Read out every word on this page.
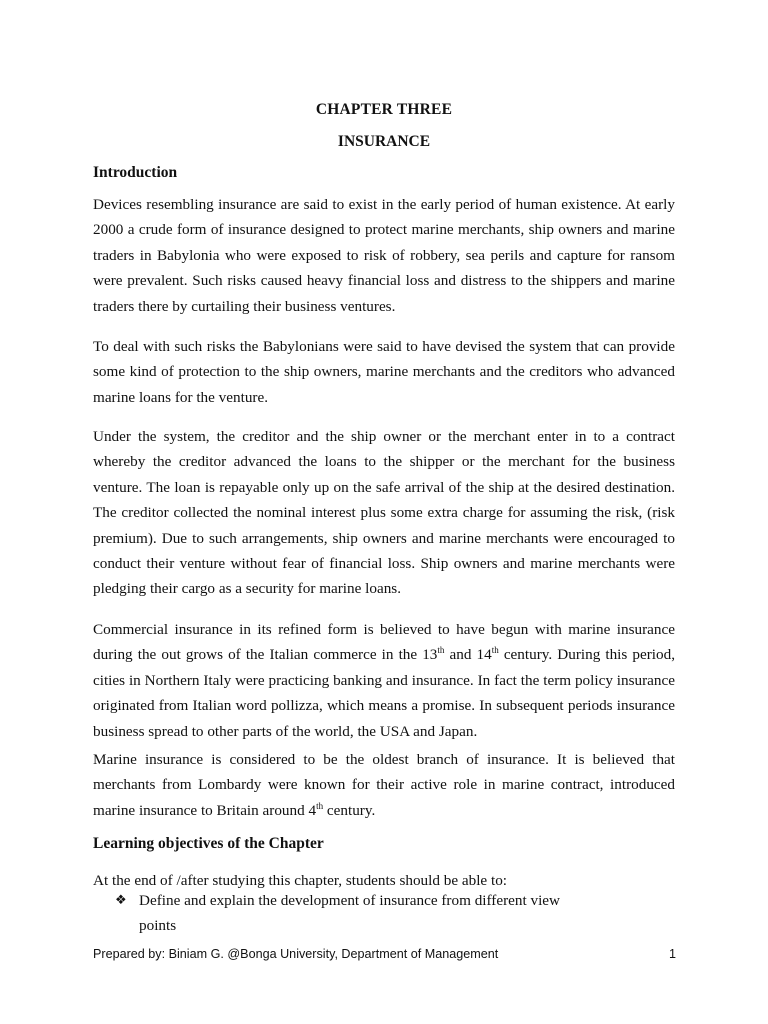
CHAPTER THREE
INSURANCE
Introduction

Devices resembling insurance are said to exist in the early period of human existence. At early 2000 a crude form of insurance designed to protect marine merchants, ship owners and marine traders in Babylonia who were exposed to risk of robbery, sea perils and capture for ransom were prevalent. Such risks caused heavy financial loss and distress to the shippers and marine traders there by curtailing their business ventures.

To deal with such risks the Babylonians were said to have devised the system that can provide some kind of protection to the ship owners, marine merchants and the creditors who advanced marine loans for the venture.

Under the system, the creditor and the ship owner or the merchant enter in to a contract whereby the creditor advanced the loans to the shipper or the merchant for the business venture. The loan is repayable only up on the safe arrival of the ship at the desired destination. The creditor collected the nominal interest plus some extra charge for assuming the risk, (risk premium). Due to such arrangements, ship owners and marine merchants were encouraged to conduct their venture without fear of financial loss. Ship owners and marine merchants were pledging their cargo as a security for marine loans.

Commercial insurance in its refined form is believed to have begun with marine insurance during the out grows of the Italian commerce in the 13th and 14th century. During this period, cities in Northern Italy were practicing banking and insurance. In fact the term policy insurance originated from Italian word pollizza, which means a promise. In subsequent periods insurance business spread to other parts of the world, the USA and Japan.

Marine insurance is considered to be the oldest branch of insurance. It is believed that merchants from Lombardy were known for their active role in marine contract, introduced marine insurance to Britain around 4th century.

Learning objectives of the Chapter
At the end of /after studying this chapter, students should be able to:
❖ Define and explain the development of insurance from different view points
Prepared by: Biniam G. @Bonga University, Department of Management	1
